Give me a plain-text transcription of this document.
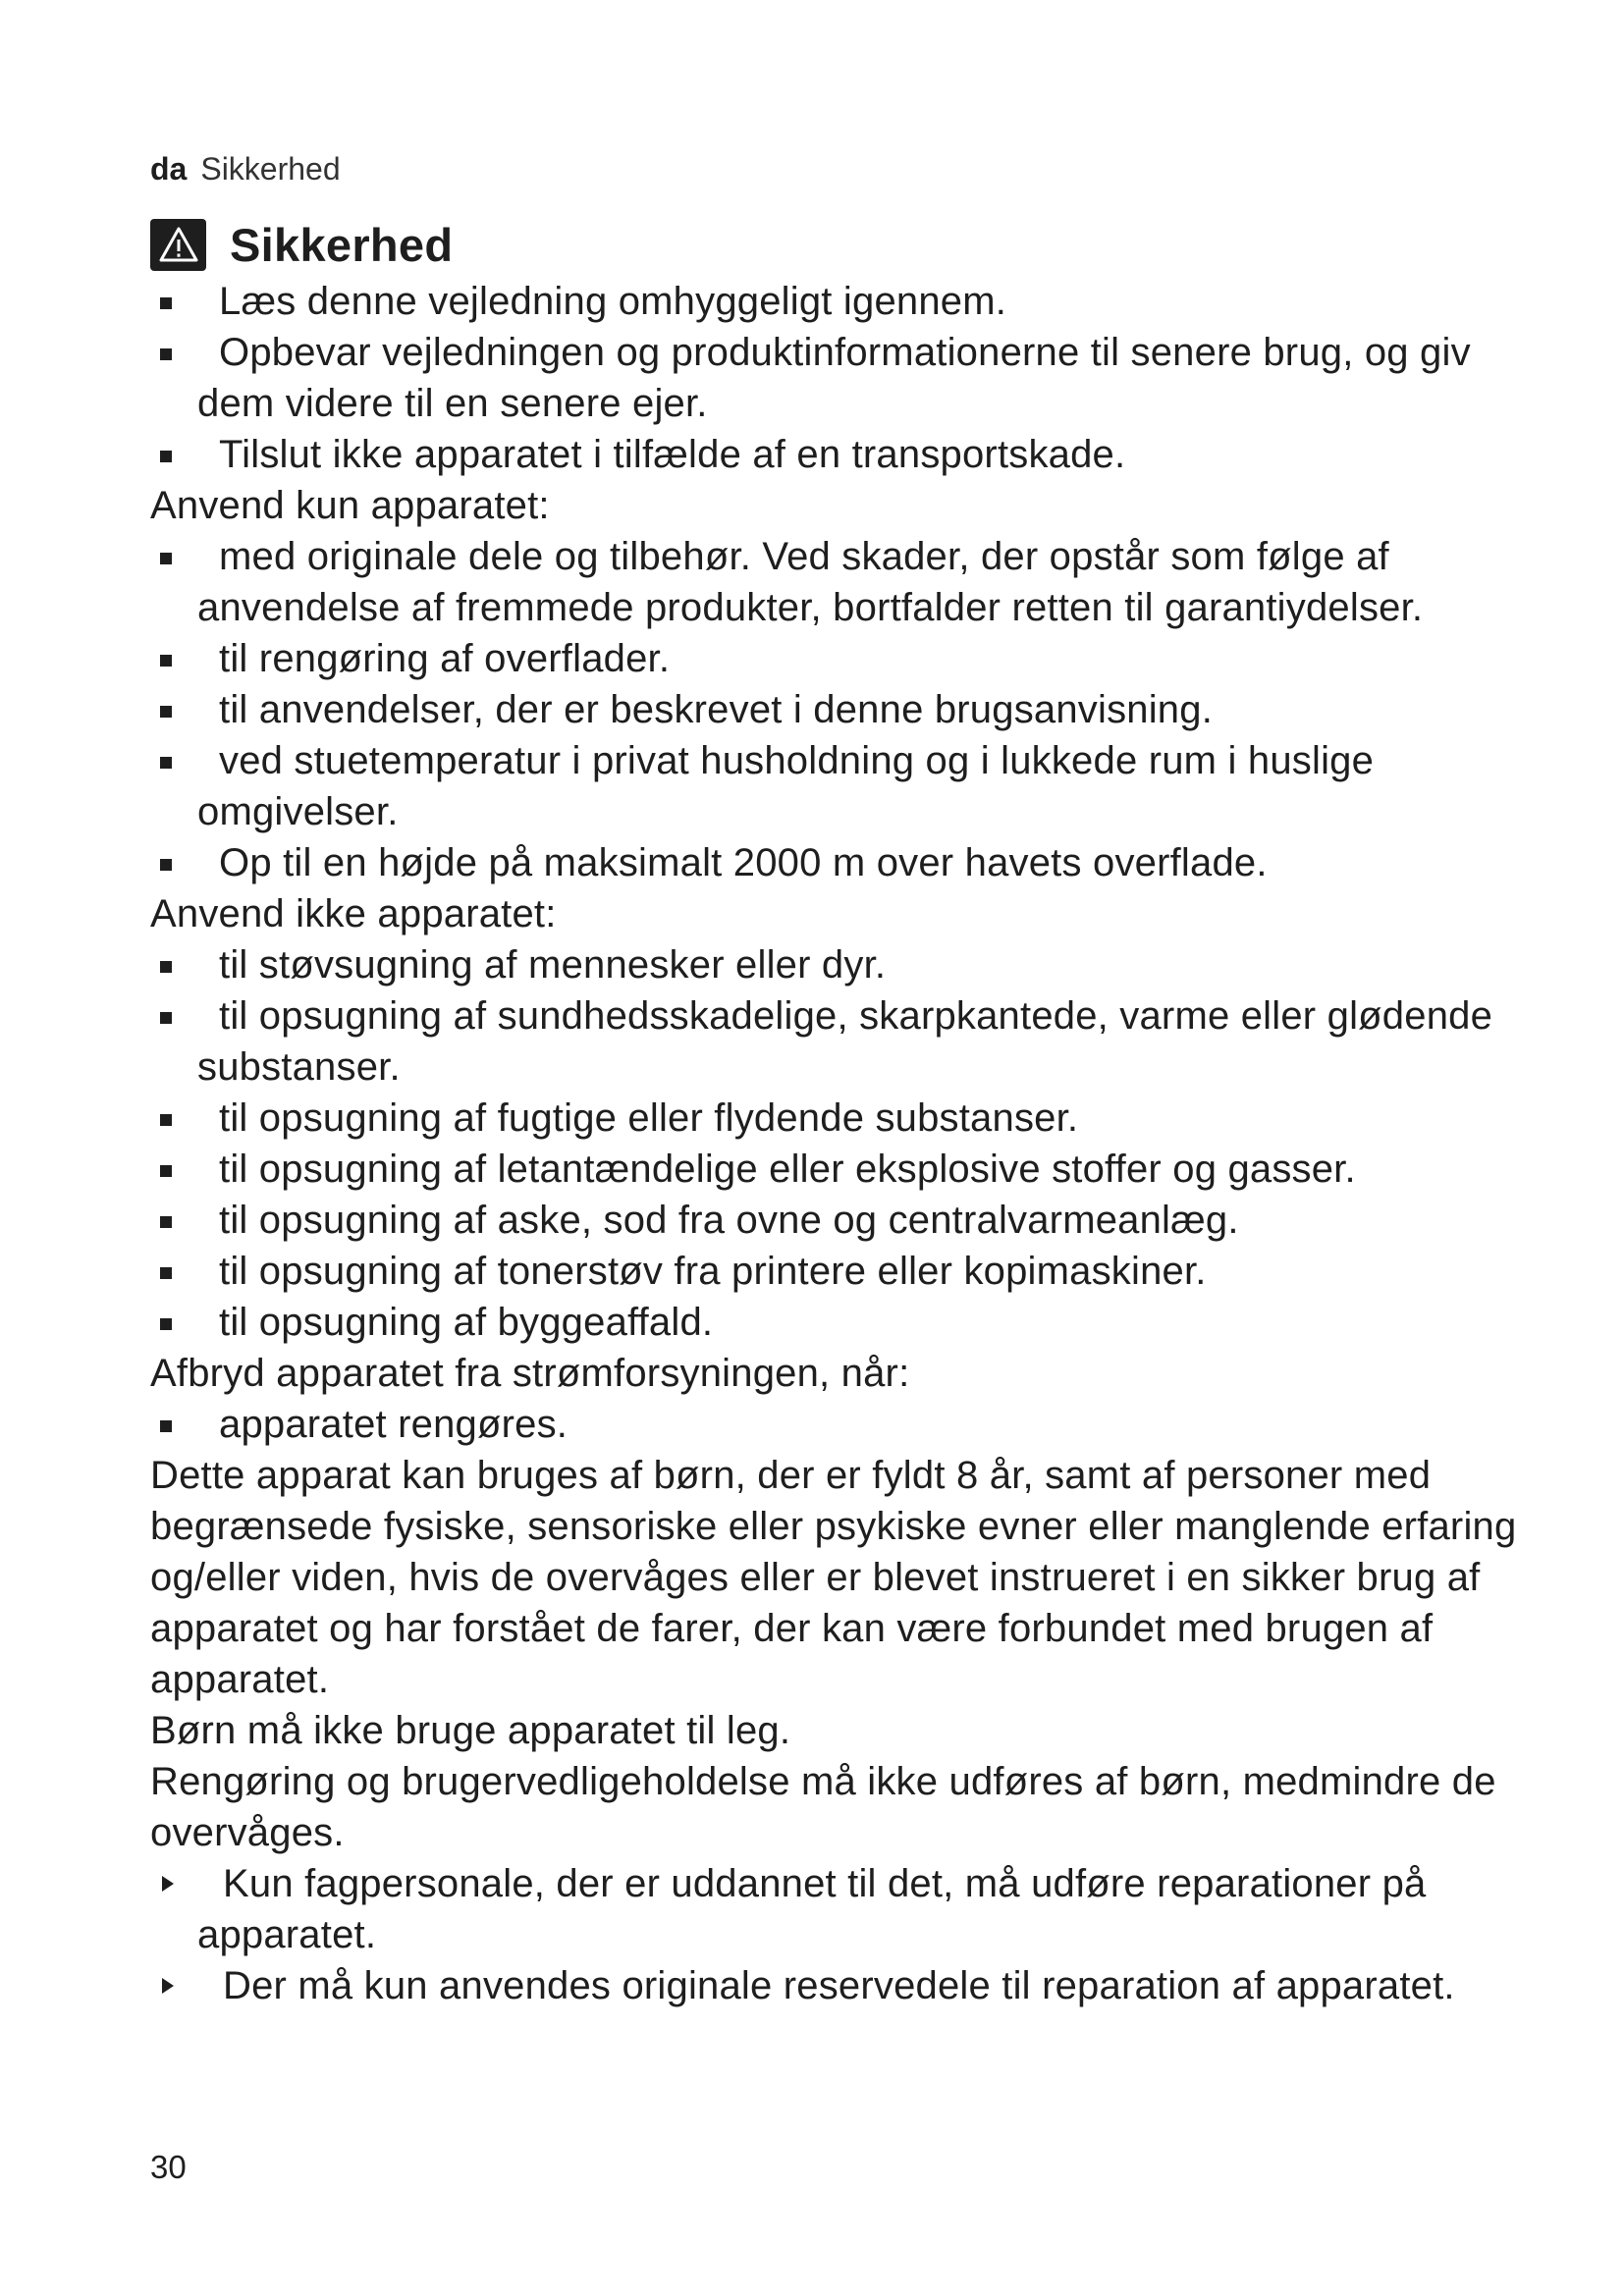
da Sikkerhed
Sikkerhed
Læs denne vejledning omhyggeligt igennem.
Opbevar vejledningen og produktinformationerne til senere brug, og giv dem videre til en senere ejer.
Tilslut ikke apparatet i tilfælde af en transportskade.

Anvend kun apparatet:

med originale dele og tilbehør. Ved skader, der opstår som følge af anvendelse af fremmede produkter, bortfalder retten til garantiydelser.
til rengøring af overflader.
til anvendelser, der er beskrevet i denne brugsanvisning.
ved stuetemperatur i privat husholdning og i lukkede rum i huslige omgivelser.
Op til en højde på maksimalt 2000 m over havets overflade.

Anvend ikke apparatet:

til støvsugning af mennesker eller dyr.
til opsugning af sundhedsskadelige, skarpkantede, varme eller glødende substanser.
til opsugning af fugtige eller flydende substanser.
til opsugning af letantændelige eller eksplosive stoffer og gasser.
til opsugning af aske, sod fra ovne og centralvarmeanlæg.
til opsugning af tonerstøv fra printere eller kopimaskiner.
til opsugning af byggeaffald.

Afbryd apparatet fra strømforsyningen, når:

apparatet rengøres.

Dette apparat kan bruges af børn, der er fyldt 8 år, samt af personer med begrænsede fysiske, sensoriske eller psykiske evner eller manglende erfaring og/eller viden, hvis de overvåges eller er blevet instrueret i en sikker brug af apparatet og har forstået de farer, der kan være forbundet med brugen af apparatet.

Børn må ikke bruge apparatet til leg.

Rengøring og brugervedligeholdelse må ikke udføres af børn, medmindre de overvåges.

Kun fagpersonale, der er uddannet til det, må udføre reparationer på apparatet.
Der må kun anvendes originale reservedele til reparation af apparatet.
30
